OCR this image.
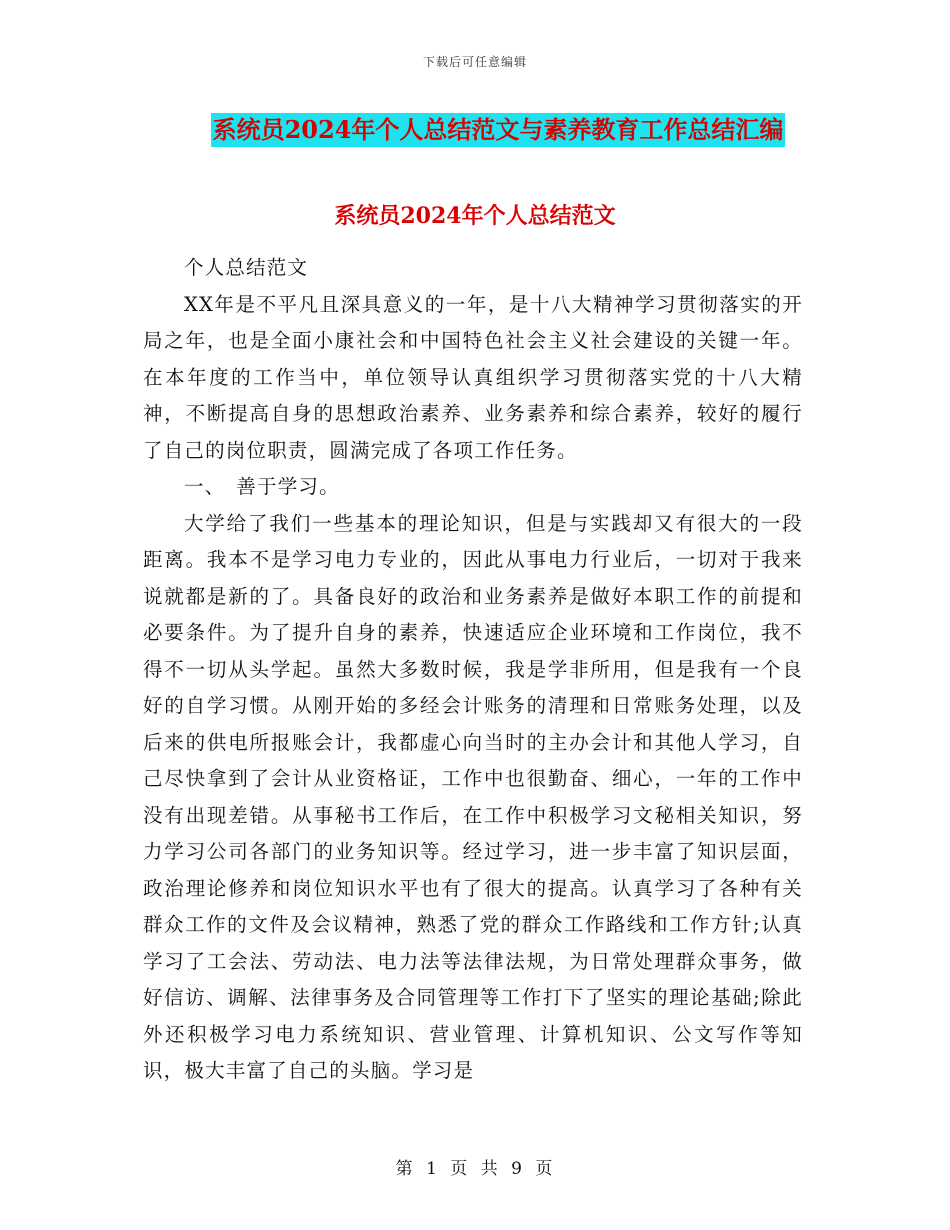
下载后可任意编辑
系统员2024年个人总结范文与素养教育工作总结汇编
系统员2024年个人总结范文

个人总结范文

XX年是不平凡且深具意义的一年，是十八大精神学习贯彻落实的开局之年，也是全面小康社会和中国特色社会主义社会建设的关键一年。在本年度的工作当中，单位领导认真组织学习贯彻落实党的十八大精神，不断提高自身的思想政治素养、业务素养和综合素养，较好的履行了自己的岗位职责，圆满完成了各项工作任务。

一、　善于学习。

大学给了我们一些基本的理论知识，但是与实践却又有很大的一段距离。我本不是学习电力专业的，因此从事电力行业后，一切对于我来说就都是新的了。具备良好的政治和业务素养是做好本职工作的前提和必要条件。为了提升自身的素养，快速适应企业环境和工作岗位，我不得不一切从头学起。虽然大多数时候，我是学非所用，但是我有一个良好的自学习惯。从刚开始的多经会计账务的清理和日常账务处理，以及后来的供电所报账会计，我都虚心向当时的主办会计和其他人学习，自己尽快拿到了会计从业资格证，工作中也很勤奋、细心，一年的工作中没有出现差错。从事秘书工作后，在工作中积极学习文秘相关知识，努力学习公司各部门的业务知识等。经过学习，进一步丰富了知识层面，政治理论修养和岗位知识水平也有了很大的提高。认真学习了各种有关群众工作的文件及会议精神，熟悉了党的群众工作路线和工作方针;认真学习了工会法、劳动法、电力法等法律法规，为日常处理群众事务，做好信访、调解、法律事务及合同管理等工作打下了坚实的理论基础;除此外还积极学习电力系统知识、营业管理、计算机知识、公文写作等知识，极大丰富了自己的头脑。学习是

第 1 页 共 9 页
